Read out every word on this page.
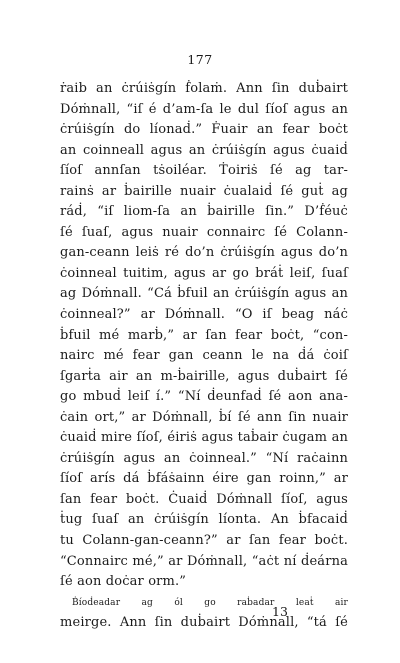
177
ṙaib an ċrúiṡgín ḟolaṁ. Ann ſin duḃairt
Dóṁnall, “iſ é d’am-ſa le dul ſíoſ agus an
ċrúiṡgín do líonaḋ.” Ḟuair an fear boċt
an coinneall agus an ċrúiṡgín agus ċuaiḋ
ſíoſ annſan tṡoiléar. Ṫoiriṡ ſé ag tar-
rainṡ ar ḃairille nuair ċualaiḋ ſé guṫ ag
ráḋ, “iſ liom-ſa an ḃairille ſin.” D’ḟéuċ
ſé ſuaſ, agus nuair connairc ſé Colann-
gan-ceann leiṡ ré do’n ċrúiṡgín agus do’n
ċoinneal tuitim, agus ar go bráṫ leiſ, ſuaſ
ag Dóṁnall. “Cá ḃfuil an ċrúiṡgín agus an
ċoinneal?” ar Dóṁnall. “O iſ beag náċ
ḃfuil mé marḃ,” ar ſan fear boċt, “con-
nairc mé fear gan ceann le na ḋá ċoiſ
ſgarṫa air an m-ḃairille, agus duḃairt ſé
go mbuḋ leiſ í.” “Ní ḋeunfaḋ ſé aon ana-
ċain ort,” ar Dóṁnall, ḃí ſé ann ſin nuair
ċuaiḋ mire ſíoſ, éiriṡ agus taḃair ċugam an
ċrúiṡgín agus an ċoinneal.” “Ní raċainn
ſíoſ arís dá ḃfáṡainn éire gan roinn,” ar
ſan fear boċt. Ċuaiḋ Dóṁnall ſíoſ, agus
ṫug ſuaſ an ċrúiṡgín líonta. An ḃfacaiḋ
tu Colann-gan-ceann?” ar ſan fear boċt.
“Connairc mé,” ar Dóṁnall, “aċt ní ḋeárna
ſé aon doċar orm.”
Ḃíoḋeadar ag ól go raḃadar leaṫ air
meirge. Ann ſin duḃairt Dóṁnall, “tá ſé
13
